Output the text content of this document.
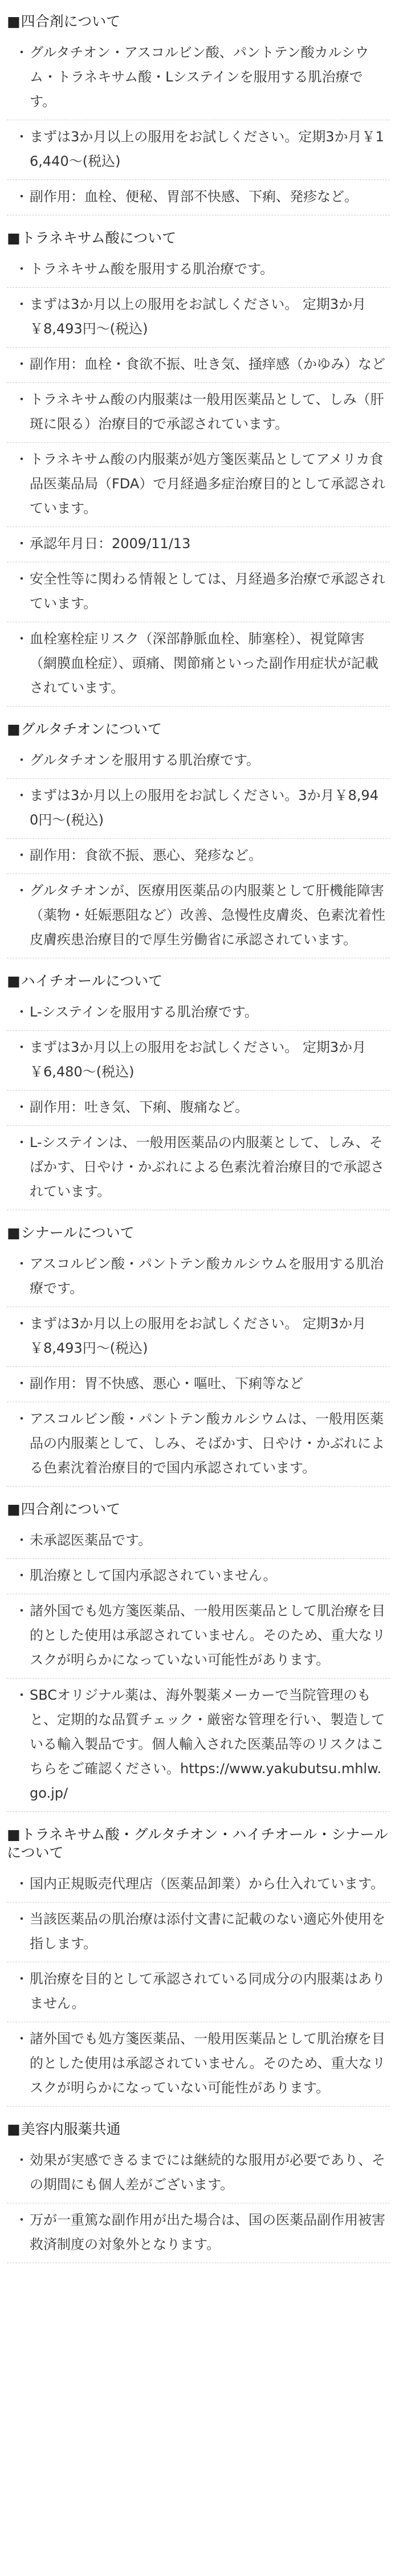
■四合剤について
・ グルタチオン・アスコルビン酸、パントテン酸カルシウム・トラネキサム酸・Lシステインを服用する肌治療です。
・ まずは3か月以上の服用をお試しください。定期3か月￥16,440～(税込)
・ 副作用：血栓、便秘、胃部不快感、下痢、発疹など。
■トラネキサム酸について
・ トラネキサム酸を服用する肌治療です。
・ まずは3か月以上の服用をお試しください。 定期3か月￥8,493円～(税込)
・ 副作用：血栓・食欲不振、吐き気、掻痒感（かゆみ）など
・ トラネキサム酸の内服薬は一般用医薬品として、しみ（肝斑に限る）治療目的で承認されています。
・ トラネキサム酸の内服薬が処方箋医薬品としてアメリカ食品医薬品局（FDA）で月経過多症治療目的として承認されています。
・ 承認年月日：2009/11/13
・ 安全性等に関わる情報としては、月経過多治療で承認されています。
・ 血栓塞栓症リスク（深部静脈血栓、肺塞栓）、視覚障害（網膜血栓症）、頭痛、関節痛といった副作用症状が記載されています。
■グルタチオンについて
・ グルタチオンを服用する肌治療です。
・ まずは3か月以上の服用をお試しください。3か月￥8,940円～(税込)
・ 副作用：食欲不振、悪心、発疹など。
・ グルタチオンが、医療用医薬品の内服薬として肝機能障害（薬物・妊娠悪阻など）改善、急慢性皮膚炎、色素沈着性皮膚疾患治療目的で厚生労働省に承認されています。
■ハイチオールについて
・ L-システインを服用する肌治療です。
・ まずは3か月以上の服用をお試しください。 定期3か月￥6,480～(税込)
・ 副作用：吐き気、下痢、腹痛など。
・ L-システインは、一般用医薬品の内服薬として、しみ、そばかす、日やけ・かぶれによる色素沈着治療目的で承認されています。
■シナールについて
・ アスコルビン酸・パントテン酸カルシウムを服用する肌治療です。
・ まずは3か月以上の服用をお試しください。 定期3か月￥8,493円～(税込)
・ 副作用：胃不快感、悪心・嘔吐、下痢等など
・ アスコルビン酸・パントテン酸カルシウムは、一般用医薬品の内服薬として、しみ、そばかす、日やけ・かぶれによる色素沈着治療目的で国内承認されています。
■四合剤について
・ 未承認医薬品です。
・ 肌治療として国内承認されていません。
・ 諸外国でも処方箋医薬品、一般用医薬品として肌治療を目的とした使用は承認されていません。そのため、重大なリスクが明らかになっていない可能性があります。
・ SBCオリジナル薬は、海外製薬メーカーで当院管理のもと、定期的な品質チェック・厳密な管理を行い、製造している輸入製品です。個人輸入された医薬品等のリスクはこちらをご確認ください。https://www.yakubutsu.mhlw.go.jp/
■トラネキサム酸・グルタチオン・ハイチオール・シナール について
・ 国内正規販売代理店（医薬品卸業）から仕入れています。
・ 当該医薬品の肌治療は添付文書に記載のない適応外使用を指します。
・ 肌治療を目的として承認されている同成分の内服薬はありません。
・ 諸外国でも処方箋医薬品、一般用医薬品として肌治療を目的とした使用は承認されていません。そのため、重大なリスクが明らかになっていない可能性があります。
■美容内服薬共通
・ 効果が実感できるまでには継続的な服用が必要であり、その期間にも個人差がございます。
・ 万が一重篤な副作用が出た場合は、国の医薬品副作用被害救済制度の対象外となります。
